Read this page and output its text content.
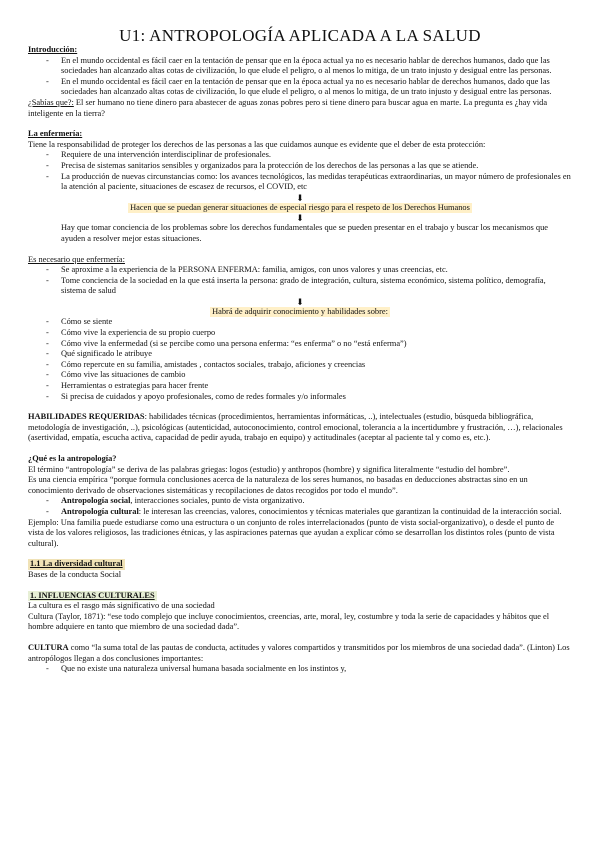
U1: ANTROPOLOGÍA APLICADA A LA SALUD

Introducción:

- En el mundo occidental es fácil caer en la tentación de pensar que en la época actual ya no es necesario hablar de derechos humanos, dado que las sociedades han alcanzado altas cotas de civilización, lo que elude el peligro, o al menos lo mitiga, de un trato injusto y desigual entre las personas.
- En el mundo occidental es fácil caer en la tentación de pensar que en la época actual ya no es necesario hablar de derechos humanos, dado que las sociedades han alcanzado altas cotas de civilización, lo que elude el peligro, o al menos lo mitiga, de un trato injusto y desigual entre las personas.

¿Sabías que?: El ser humano no tiene dinero para abastecer de aguas zonas pobres pero si tiene dinero para buscar agua en marte. La pregunta es ¿hay vida inteligente en la tierra?

La enfermería:

Tiene la responsabilidad de proteger los derechos de las personas a las que cuidamos aunque es evidente que el deber de esta protección:

- Requiere de una intervención interdisciplinar de profesionales.
- Precisa de sistemas sanitarios sensibles y organizados para la protección de los derechos de las personas a las que se atiende.
- La producción de nuevas circunstancias como: los avances tecnológicos, las medidas terapéuticas extraordinarias, un mayor número de profesionales en la atención al paciente, situaciones de escasez de recursos, el COVID, etc
⬇
Hacen que se puedan generar situaciones de especial riesgo para el respeto de los Derechos Humanos
⬇

Hay que tomar conciencia de los problemas sobre los derechos fundamentales que se pueden presentar en el trabajo y buscar los mecanismos que ayuden a resolver mejor estas situaciones.

Es necesario que enfermería:

- Se aproxime a la experiencia de la PERSONA ENFERMA: familia, amigos, con unos valores y unas creencias, etc.
- Tome conciencia de la sociedad en la que está inserta la persona: grado de integración, cultura, sistema económico, sistema político, demografía, sistema de salud
⬇
Habrá de adquirir conocimiento y habilidades sobre:
- Cómo se siente
- Cómo vive la experiencia de su propio cuerpo
- Cómo vive la enfermedad (si se percibe como una persona enferma: “es enferma” o no “está enferma”)
- Qué significado le atribuye
- Cómo repercute en su familia, amistades , contactos sociales, trabajo, aficiones y creencias
- Cómo vive las situaciones de cambio
- Herramientas o estrategias para hacer frente
- Si precisa de cuidados y apoyo profesionales, como de redes formales y/o informales

HABILIDADES REQUERIDAS: habilidades técnicas (procedimientos, herramientas informáticas, ..), intelectuales (estudio, búsqueda bibliográfica, metodología de investigación, ..), psicológicas (autenticidad, autoconocimiento, control emocional, tolerancia a la incertidumbre y frustración, …), relacionales (asertividad, empatía, escucha activa, capacidad de pedir ayuda, trabajo en equipo) y actitudinales (aceptar al paciente tal y como es, etc.).

¿Qué es la antropología?

El término “antropología” se deriva de las palabras griegas: logos (estudio) y anthropos (hombre) y significa literalmente “estudio del hombre”.

Es una ciencia empírica “porque formula conclusiones acerca de la naturaleza de los seres humanos, no basadas en deducciones abstractas sino en un conocimiento derivado de observaciones sistemáticas y recopilaciones de datos recogidos por todo el mundo”.

- Antropología social, interacciones sociales, punto de vista organizativo.
- Antropología cultural: le interesan las creencias, valores, conocimientos y técnicas materiales que garantizan la continuidad de la interacción social.

Ejemplo: Una familia puede estudiarse como una estructura o un conjunto de roles interrelacionados (punto de vista social-organizativo), o desde el punto de vista de los valores religiosos, las tradiciones étnicas, y las aspiraciones paternas que ayudan a explicar cómo se desarrollan los distintos roles (punto de vista cultural).

1.1 La diversidad cultural

Bases de la conducta Social

1. INFLUENCIAS CULTURALES

La cultura es el rasgo más significativo de una sociedad

Cultura (Taylor, 1871): “ese todo complejo que incluye conocimientos, creencias, arte, moral, ley, costumbre y toda la serie de capacidades y hábitos que el hombre adquiere en tanto que miembro de una sociedad dada”.

CULTURA como “la suma total de las pautas de conducta, actitudes y valores compartidos y transmitidos por los miembros de una sociedad dada”. (Linton) Los antropólogos llegan a dos conclusiones importantes:

- Que no existe una naturaleza universal humana basada socialmente en los instintos y,
